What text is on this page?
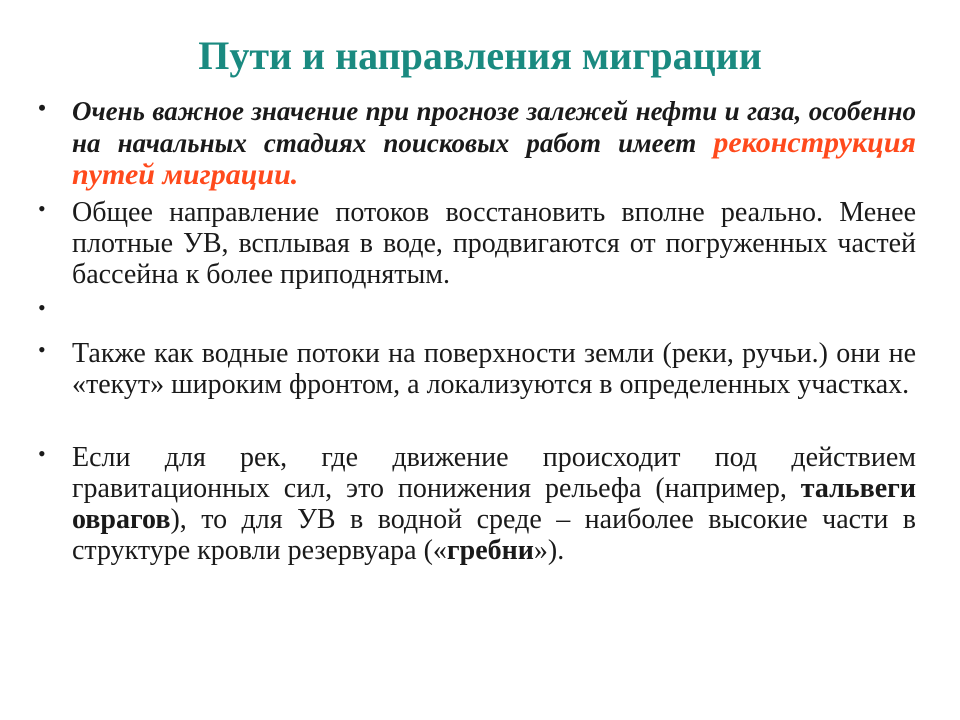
Пути и направления миграции
• Очень важное значение при прогнозе залежей нефти и газа, особенно на начальных стадиях поисковых работ имеет реконструкция путей миграции.
• Общее направление потоков восстановить вполне реально. Менее плотные УВ, всплывая в воде, продвигаются от погруженных частей бассейна к более приподнятым.
•
• Также как водные потоки на поверхности земли (реки, ручьи.) они не «текут» широким фронтом, а локализуются в определенных участках.
• Если для рек, где движение происходит под действием гравитационных сил, это понижения рельефа (например, тальвеги оврагов), то для УВ в водной среде – наиболее высокие части в структуре кровли резервуара («гребни»).
